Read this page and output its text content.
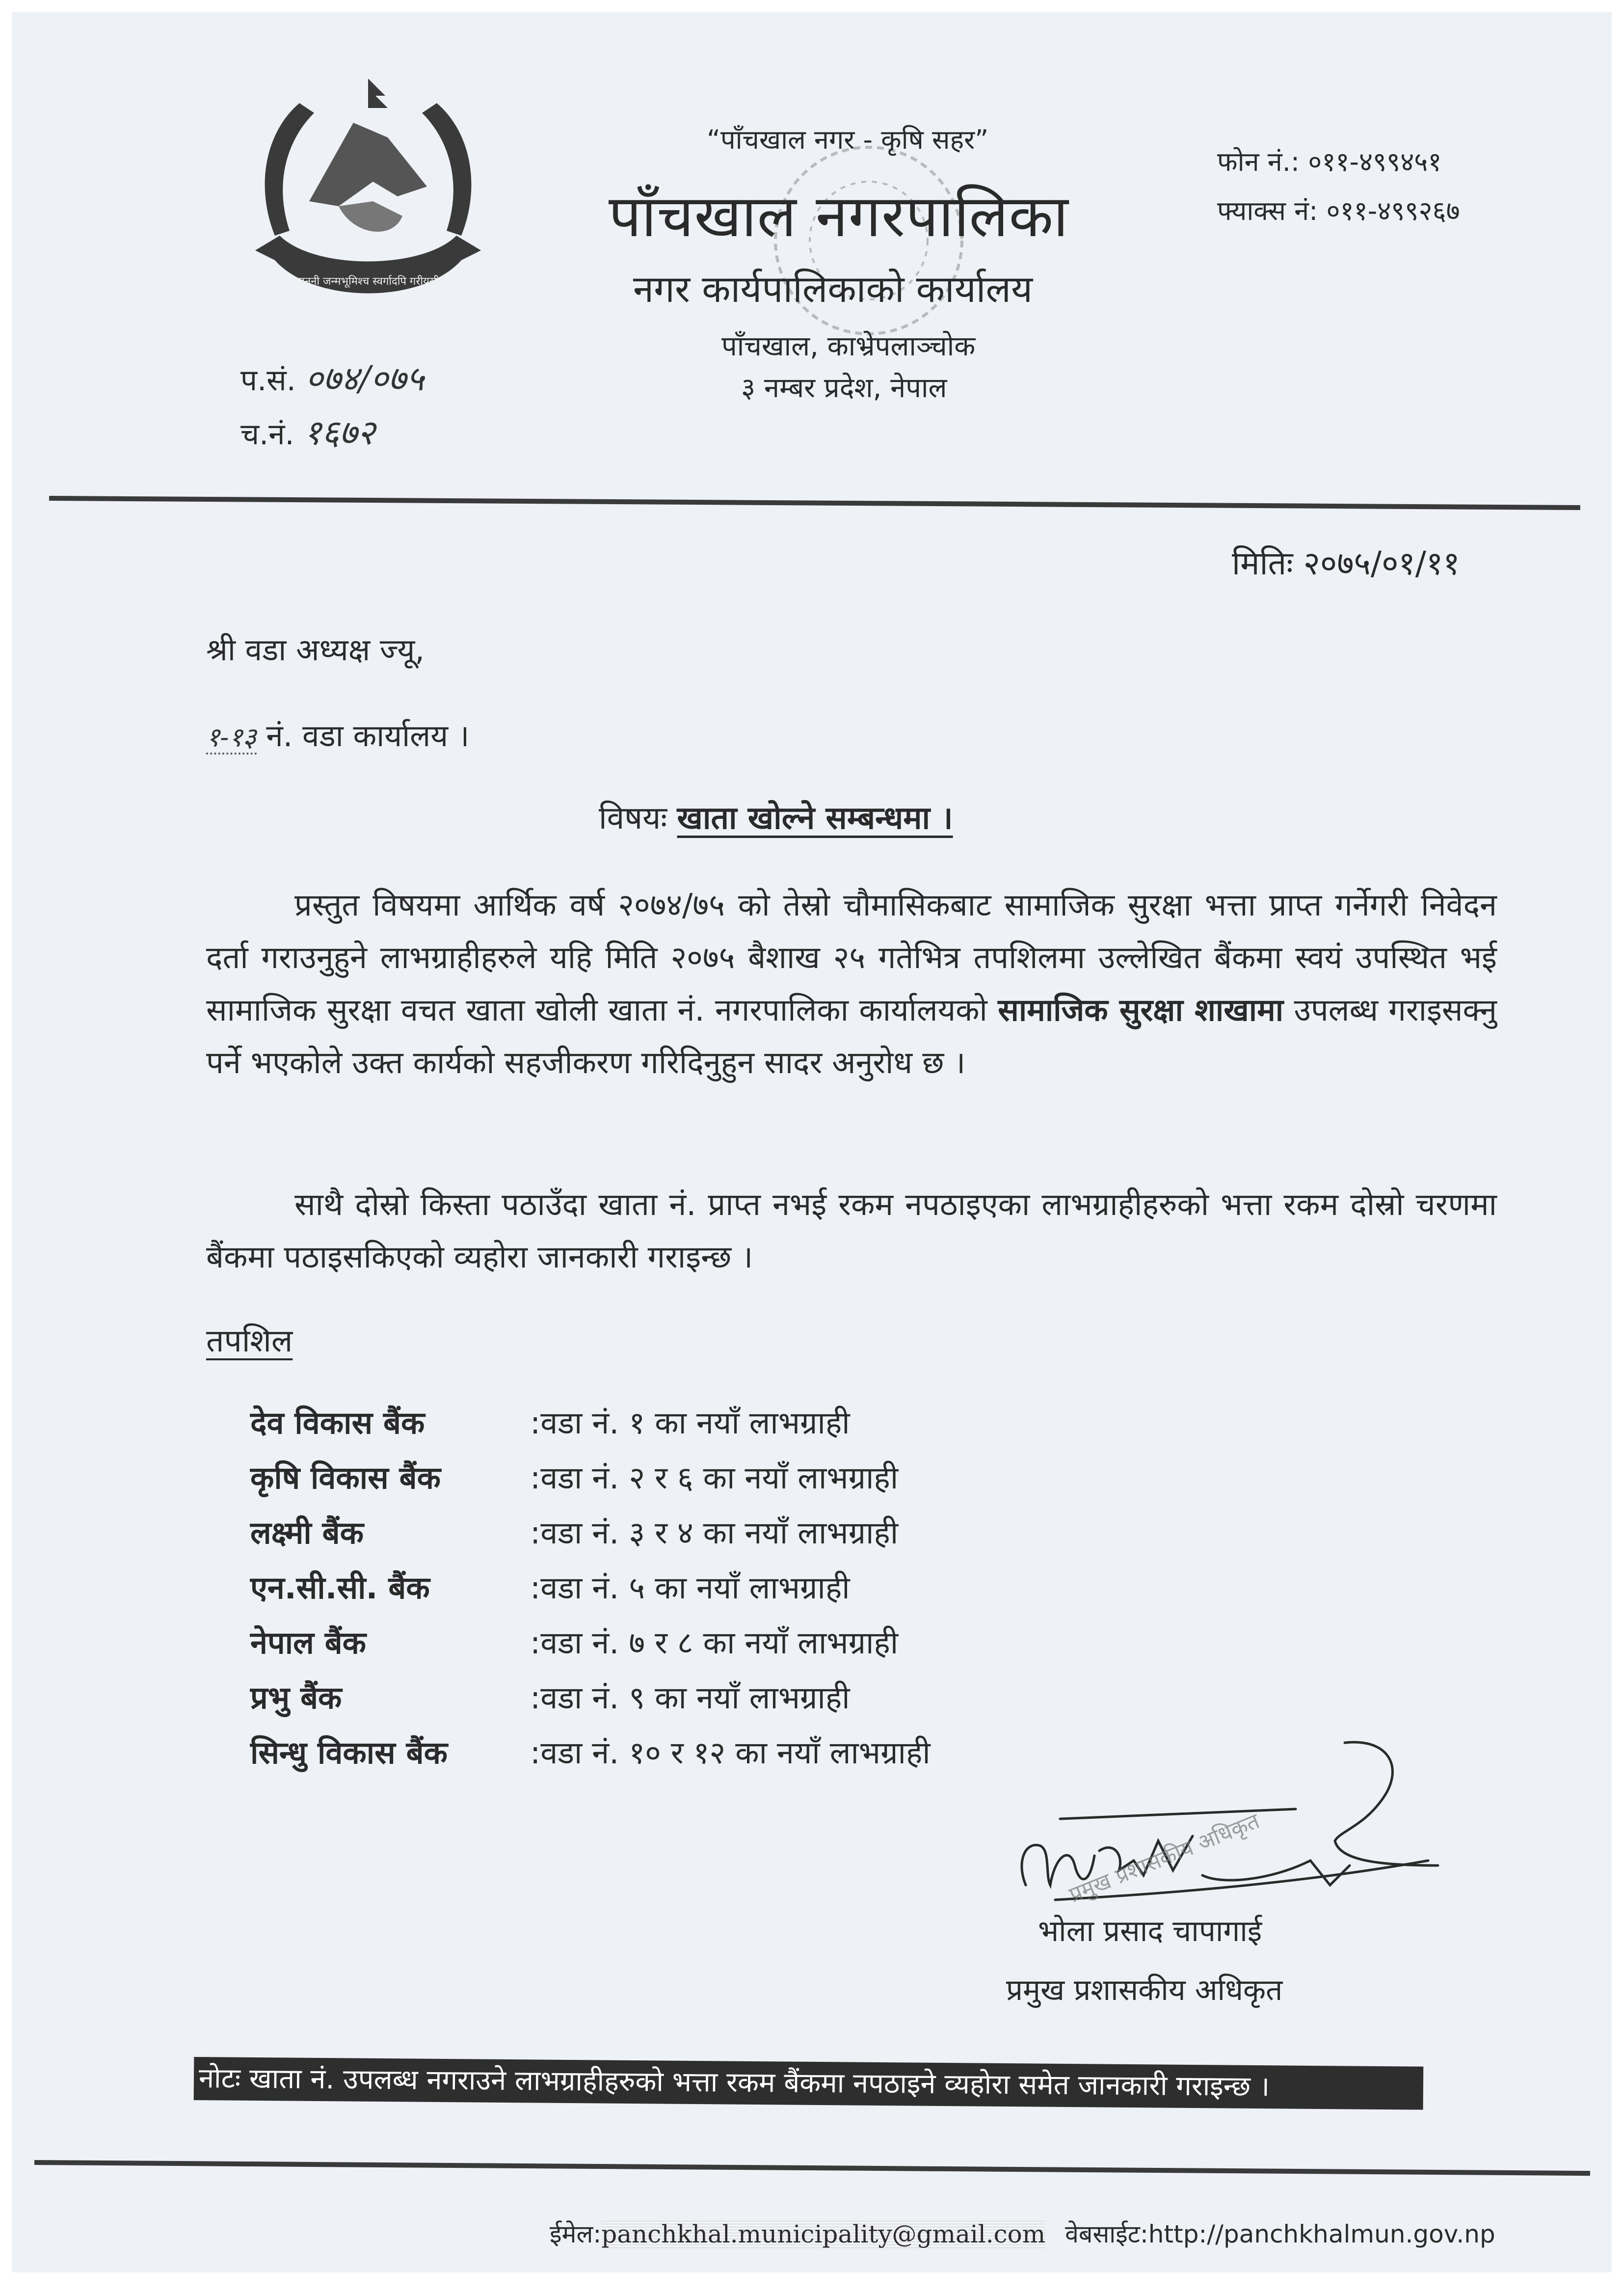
जननी जन्मभूमिश्च स्वर्गादपि गरीयसी
“पाँचखाल नगर - कृषि सहर”
पाँचखाल नगरपालिका
नगर कार्यपालिकाको कार्यालय
पाँचखाल, काभ्रेपलाञ्चोक
३ नम्बर प्रदेश, नेपाल
फोन नं.: ०११-४९९४५१
फ्याक्स नं: ०११-४९९२६७
प.सं. ०७४/०७५
च.नं. १६७२
मितिः २०७५/०१/११
श्री वडा अध्यक्ष ज्यू,
१-१३ नं. वडा कार्यालय ।
विषयः खाता खोल्ने सम्बन्धमा ।

प्रस्तुत विषयमा आर्थिक वर्ष २०७४/७५ को तेस्रो चौमासिकबाट सामाजिक सुरक्षा भत्ता प्राप्त गर्नेगरी निवेदन दर्ता गराउनुहुने लाभग्राहीहरुले यहि मिति २०७५ बैशाख २५ गतेभित्र तपशिलमा उल्लेखित बैंकमा स्वयं उपस्थित भई सामाजिक सुरक्षा वचत खाता खोली खाता नं. नगरपालिका कार्यालयको सामाजिक सुरक्षा शाखामा उपलब्ध गराइसक्नु पर्ने भएकोले उक्त कार्यको सहजीकरण गरिदिनुहुन सादर अनुरोध छ ।

साथै दोस्रो किस्ता पठाउँदा खाता नं. प्राप्त नभई रकम नपठाइएका लाभग्राहीहरुको भत्ता रकम दोस्रो चरणमा बैंकमा पठाइसकिएको व्यहोरा जानकारी गराइन्छ ।

तपशिल
देव विकास बैंक	:वडा नं. १ का नयाँ लाभग्राही
कृषि विकास बैंक	:वडा नं. २ र ६ का नयाँ लाभग्राही
लक्ष्मी बैंक	:वडा नं. ३ र ४ का नयाँ लाभग्राही
एन.सी.सी. बैंक	:वडा नं. ५ का नयाँ लाभग्राही
नेपाल बैंक	:वडा नं. ७ र ८ का नयाँ लाभग्राही
प्रभु बैंक	:वडा नं. ९ का नयाँ लाभग्राही
सिन्धु विकास बैंक	:वडा नं. १० र १२ का नयाँ लाभग्राही
प्रमुख प्रशासकीय अधिकृत
भोला प्रसाद चापागाई
प्रमुख प्रशासकीय अधिकृत
नोटः खाता नं. उपलब्ध नगराउने लाभग्राहीहरुको भत्ता रकम बैंकमा नपठाइने व्यहोरा समेत जानकारी गराइन्छ ।
ईमेल:panchkhal.municipality@gmail.com वेबसाईट:http://panchkhalmun.gov.np
